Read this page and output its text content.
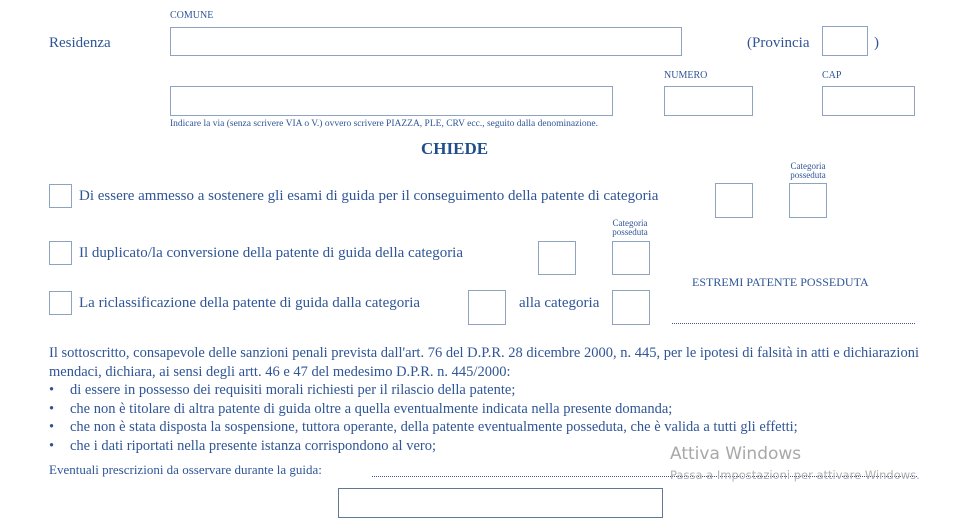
COMUNE
Residenza	(Provincia	)
NUMERO	CAP
Indicare la via (senza scrivere VIA o V.) ovvero scrivere PIAZZA, PLE, CRV ecc., seguito dalla denominazione.
CHIEDE
Di essere ammesso a sostenere gli esami di guida per il conseguimento della patente di categoria
Categoria posseduta
Il duplicato/la conversione della patente di guida della categoria
Categoria posseduta
ESTREMI PATENTE POSSEDUTA
La riclassificazione della patente di guida dalla categoria	alla categoria
Il sottoscritto, consapevole delle sanzioni penali prevista dall'art. 76 del D.P.R. 28 dicembre 2000, n. 445, per le ipotesi di falsità in atti e dichiarazioni mendaci, dichiara, ai sensi degli artt. 46 e 47 del medesimo D.P.R. n. 445/2000:
• di essere in possesso dei requisiti morali richiesti per il rilascio della patente;
• che non è titolare di altra patente di guida oltre a quella eventualmente indicata nella presente domanda;
• che non è stata disposta la sospensione, tuttora operante, della patente eventualmente posseduta, che è valida a tutti gli effetti;
• che i dati riportati nella presente istanza corrispondono al vero;
Eventuali prescrizioni da osservare durante la guida:
Attiva Windows
Passa a Impostazioni per attivare Windows.
